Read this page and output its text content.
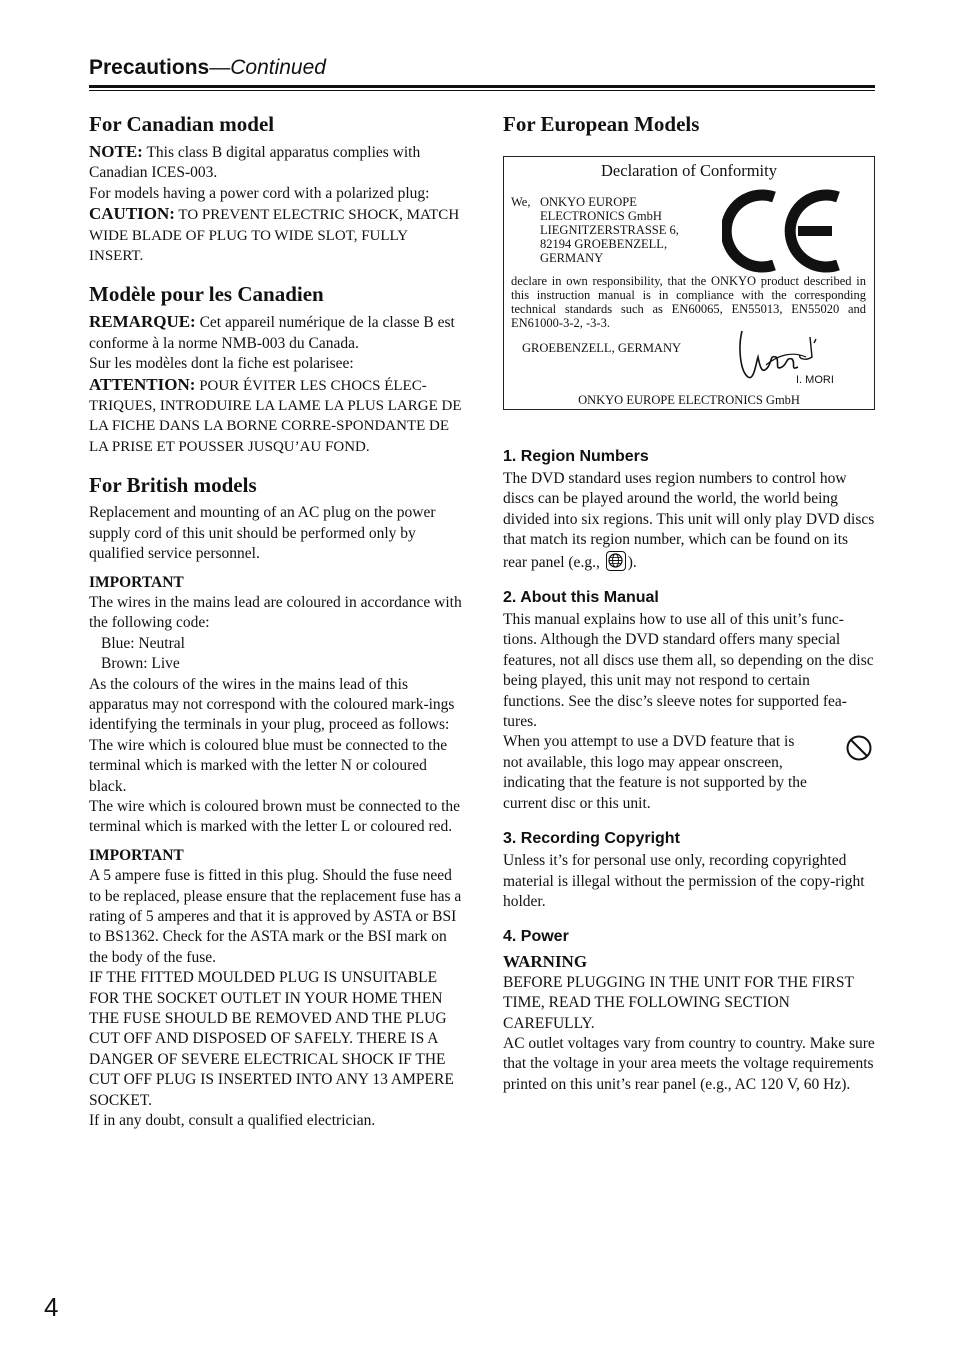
Precautions—Continued
For Canadian model

NOTE: This class B digital apparatus complies with Canadian ICES-003.

For models having a power cord with a polarized plug:

CAUTION: TO PREVENT ELECTRIC SHOCK, MATCH WIDE BLADE OF PLUG TO WIDE SLOT, FULLY INSERT.

Modèle pour les Canadien

REMARQUE: Cet appareil numérique de la classe B est conforme à la norme NMB-003 du Canada.

Sur les modèles dont la fiche est polarisee:

ATTENTION: POUR ÉVITER LES CHOCS ÉLEC-TRIQUES, INTRODUIRE LA LAME LA PLUS LARGE DE LA FICHE DANS LA BORNE CORRE-SPONDANTE DE LA PRISE ET POUSSER JUSQU’AU FOND.

For British models

Replacement and mounting of an AC plug on the power supply cord of this unit should be performed only by qualified service personnel.

IMPORTANT

The wires in the mains lead are coloured in accordance with the following code:

Blue: Neutral

Brown: Live

As the colours of the wires in the mains lead of this apparatus may not correspond with the coloured mark-ings identifying the terminals in your plug, proceed as follows:

The wire which is coloured blue must be connected to the terminal which is marked with the letter N or coloured black.

The wire which is coloured brown must be connected to the terminal which is marked with the letter L or coloured red.

IMPORTANT

A 5 ampere fuse is fitted in this plug. Should the fuse need to be replaced, please ensure that the replacement fuse has a rating of 5 amperes and that it is approved by ASTA or BSI to BS1362. Check for the ASTA mark or the BSI mark on the body of the fuse.

IF THE FITTED MOULDED PLUG IS UNSUITABLE FOR THE SOCKET OUTLET IN YOUR HOME THEN THE FUSE SHOULD BE REMOVED AND THE PLUG CUT OFF AND DISPOSED OF SAFELY. THERE IS A DANGER OF SEVERE ELECTRICAL SHOCK IF THE CUT OFF PLUG IS INSERTED INTO ANY 13 AMPERE SOCKET.

If in any doubt, consult a qualified electrician.

For European Models
Declaration of Conformity
We, ONKYO EUROPE
ELECTRONICS GmbH
LIEGNITZERSTRASSE 6,
82194 GROEBENZELL,
GERMANY
declare in own responsibility, that the ONKYO product described in this instruction manual is in compliance with the corresponding technical standards such as EN60065, EN55013, EN55020 and EN61000-3-2, -3-3.
GROEBENZELL, GERMANY
I. MORI
ONKYO EUROPE ELECTRONICS GmbH
1. Region Numbers

The DVD standard uses region numbers to control how discs can be played around the world, the world being divided into six regions. This unit will only play DVD discs that match its region number, which can be found on its rear panel (e.g.,
).

2. About this Manual

This manual explains how to use all of this unit’s func-tions. Although the DVD standard offers many special features, not all discs use them all, so depending on the disc being played, this unit may not respond to certain functions. See the disc’s sleeve notes for supported fea-tures.

When you attempt to use a DVD feature that is not available, this logo may appear onscreen, indicating that the feature is not supported by the current disc or this unit.

3. Recording Copyright

Unless it’s for personal use only, recording copyrighted material is illegal without the permission of the copy-right holder.

4. Power

WARNING

BEFORE PLUGGING IN THE UNIT FOR THE FIRST TIME, READ THE FOLLOWING SECTION CAREFULLY.

AC outlet voltages vary from country to country. Make sure that the voltage in your area meets the voltage requirements printed on this unit’s rear panel (e.g., AC 120 V, 60 Hz).

4
